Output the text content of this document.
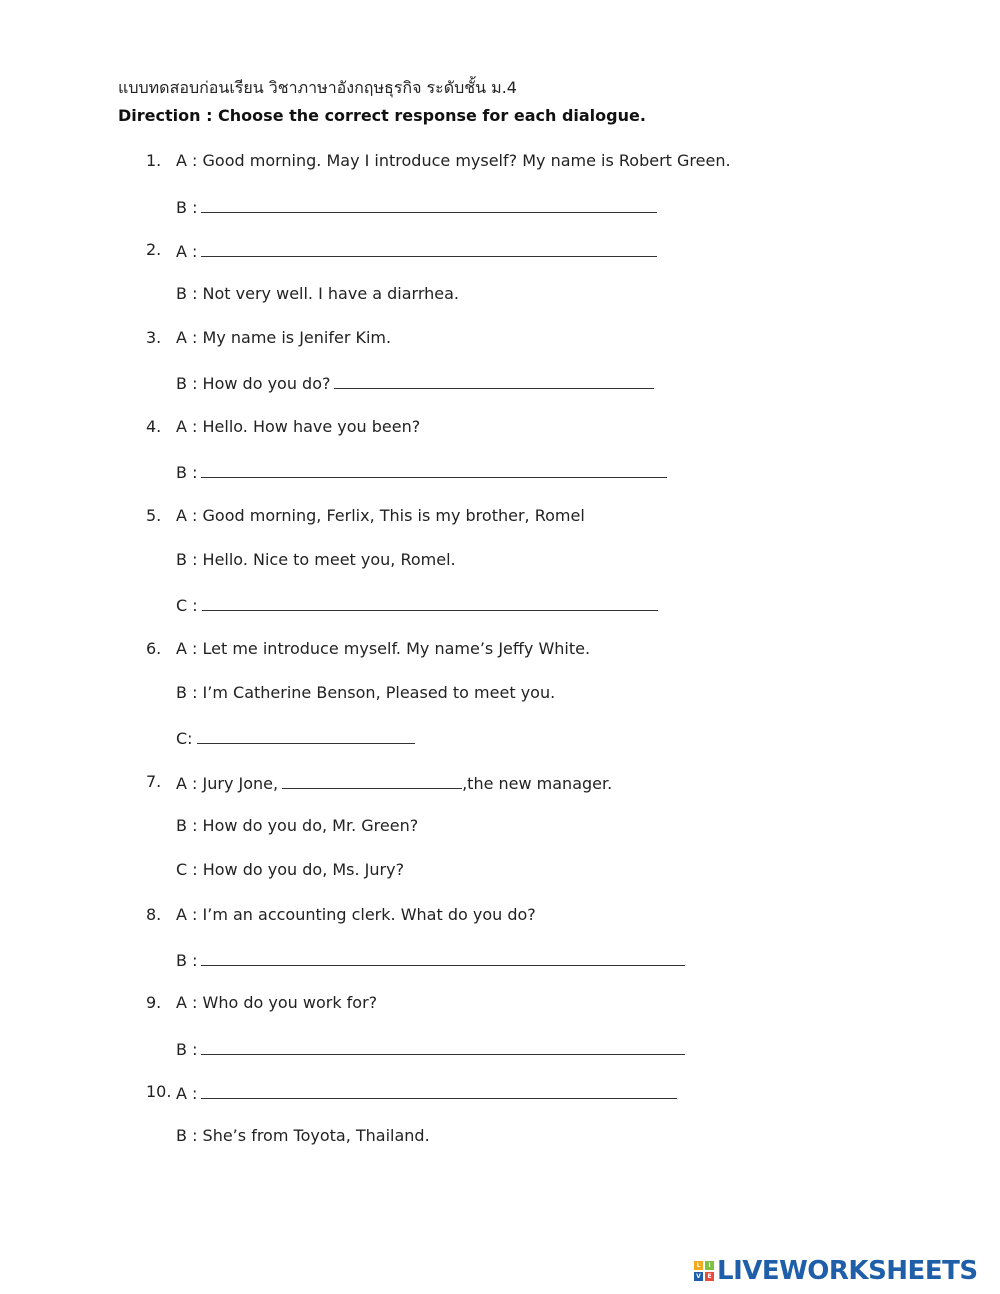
แบบทดสอบก่อนเรียน วิชาภาษาอังกฤษธุรกิจ ระดับชั้น ม.4
Direction : Choose the correct response for each dialogue.
1. A : Good morning. May I introduce myself? My name is Robert Green.
B :
2. A :
B : Not very well. I have a diarrhea.
3. A : My name is Jenifer Kim.
B : How do you do?
4. A : Hello. How have you been?
B :
5. A : Good morning, Ferlix, This is my brother, Romel
B : Hello. Nice to meet you, Romel.
C :
6. A : Let me introduce myself. My name’s Jeffy White.
B : I’m Catherine Benson, Pleased to meet you.
C:
7. A : Jury Jone,	,the new manager.
B : How do you do, Mr. Green?
C : How do you do, Ms. Jury?
8. A : I’m an accounting clerk. What do you do?
B :
9. A : Who do you work for?
B :
10. A :
B : She’s from Toyota, Thailand.
L	I
V	E LIVEWORKSHEETS
